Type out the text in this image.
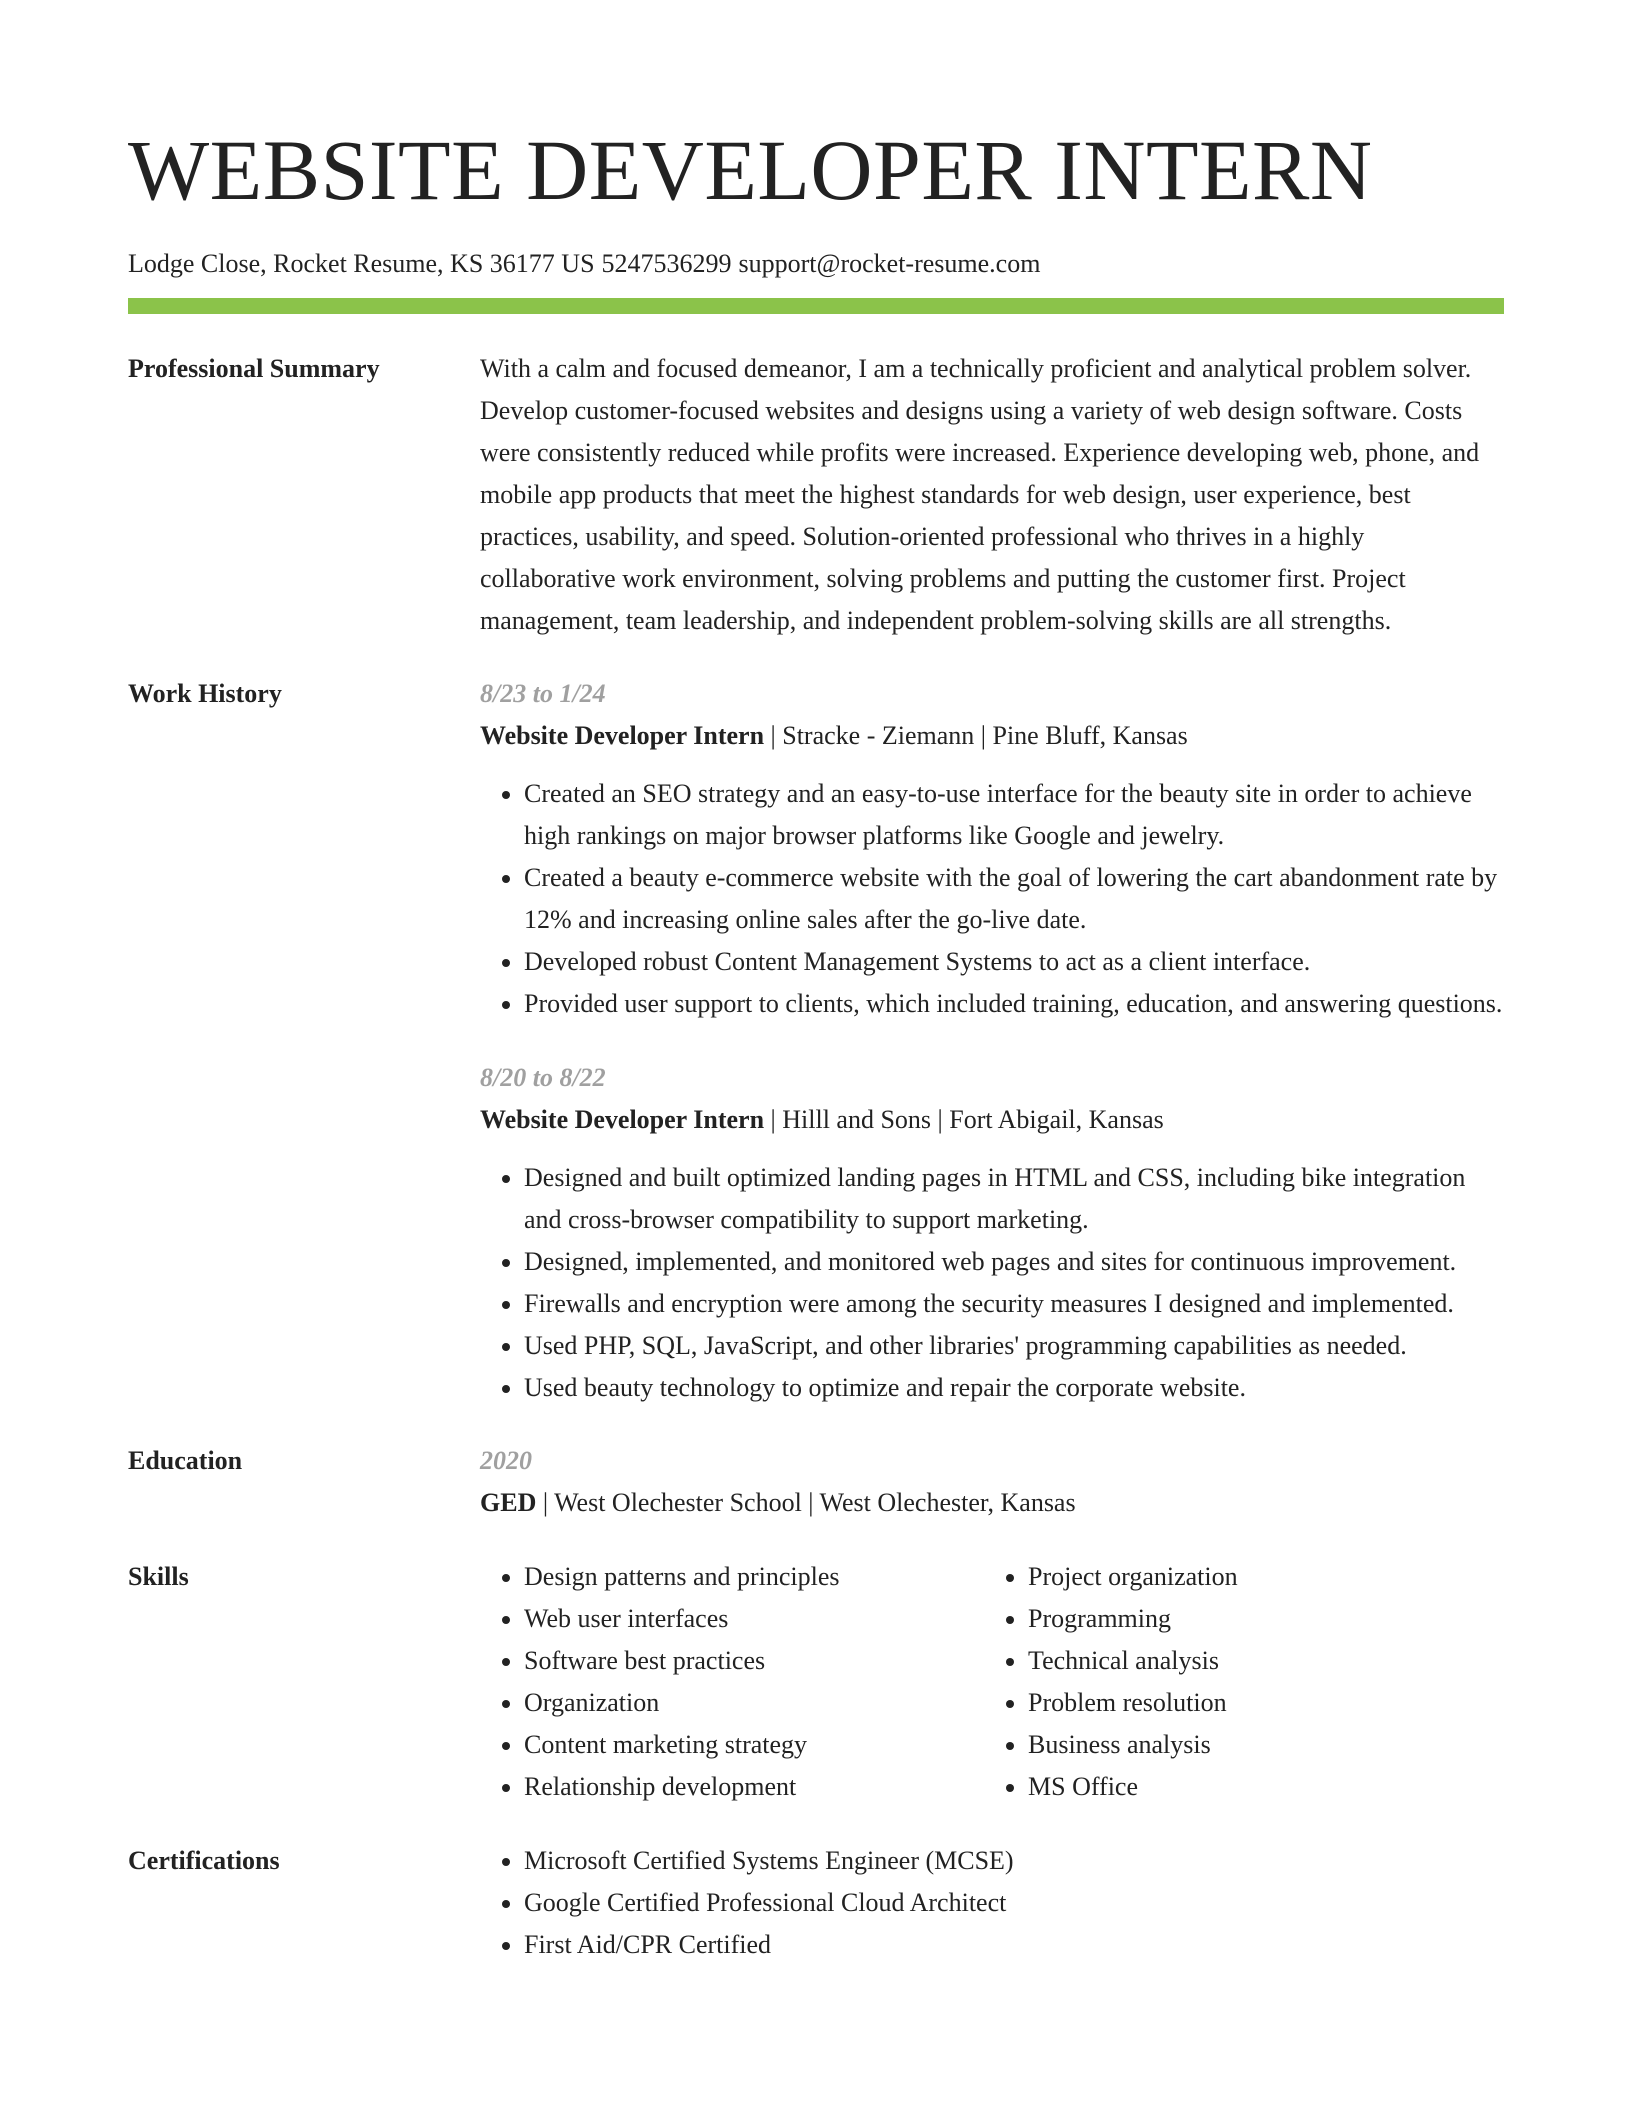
WEBSITE DEVELOPER INTERN
Lodge Close, Rocket Resume, KS 36177 US 5247536299 support@rocket-resume.com
Professional Summary	With a calm and focused demeanor, I am a technically proficient and analytical problem solver. Develop customer-focused websites and designs using a variety of web design software. Costs were consistently reduced while profits were increased. Experience developing web, phone, and mobile app products that meet the highest standards for web design, user experience, best practices, usability, and speed. Solution-oriented professional who thrives in a highly collaborative work environment, solving problems and putting the customer first. Project management, team leadership, and independent problem-solving skills are all strengths.

Work History	8/23 to 1/24
Website Developer Intern | Stracke - Ziemann | Pine Bluff, Kansas
• Created an SEO strategy and an easy-to-use interface for the beauty site in order to achieve high rankings on major browser platforms like Google and jewelry.
• Created a beauty e-commerce website with the goal of lowering the cart abandonment rate by 12% and increasing online sales after the go-live date.
• Developed robust Content Management Systems to act as a client interface.
• Provided user support to clients, which included training, education, and answering questions.
8/20 to 8/22
Website Developer Intern | Hilll and Sons | Fort Abigail, Kansas
• Designed and built optimized landing pages in HTML and CSS, including bike integration and cross-browser compatibility to support marketing.
• Designed, implemented, and monitored web pages and sites for continuous improvement.
• Firewalls and encryption were among the security measures I designed and implemented.
• Used PHP, SQL, JavaScript, and other libraries' programming capabilities as needed.
• Used beauty technology to optimize and repair the corporate website.
Education	2020
GED | West Olechester School | West Olechester, Kansas
Skills	• Design patterns and principles
• Web user interfaces
• Software best practices
• Organization
• Content marketing strategy
• Relationship development
• Project organization
• Programming
• Technical analysis
• Problem resolution
• Business analysis
• MS Office
Certifications	• Microsoft Certified Systems Engineer (MCSE)
• Google Certified Professional Cloud Architect
• First Aid/CPR Certified
